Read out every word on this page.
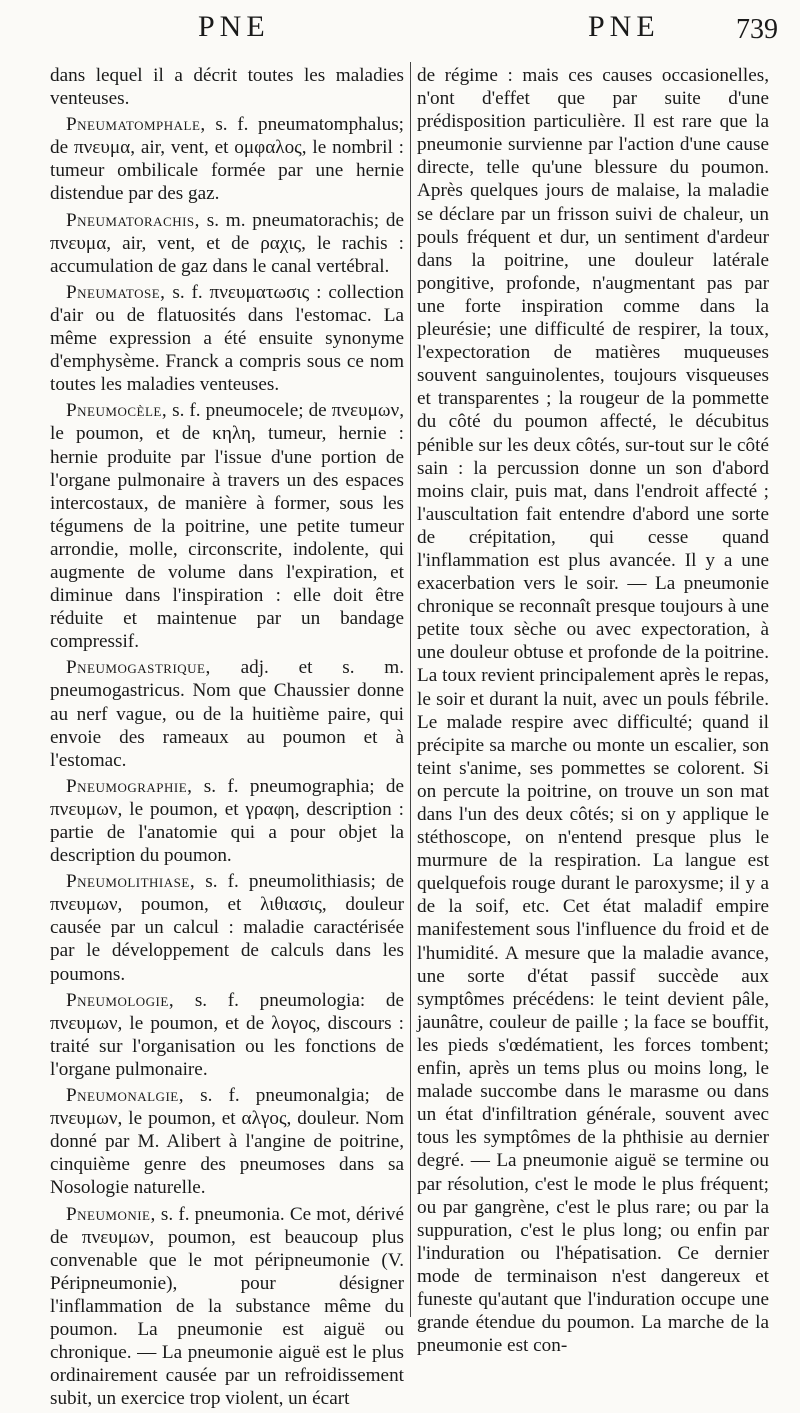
PNE	PNE	739

dans lequel il a décrit toutes les maladies venteuses.

Pneumatomphale, s. f. pneumatomphalus; de πνευμα, air, vent, et ομφαλος, le nombril : tumeur ombilicale formée par une hernie distendue par des gaz.

Pneumatorachis, s. m. pneumatorachis; de πνευμα, air, vent, et de ραχις, le rachis : accumulation de gaz dans le canal vertébral.

Pneumatose, s. f. πνευματωσις : collection d'air ou de flatuosités dans l'estomac. La même expression a été ensuite synonyme d'emphysème. Franck a compris sous ce nom toutes les maladies venteuses.

Pneumocèle, s. f. pneumocele; de πνευμων, le poumon, et de κηλη, tumeur, hernie : hernie produite par l'issue d'une portion de l'organe pulmonaire à travers un des espaces intercostaux, de manière à former, sous les tégumens de la poitrine, une petite tumeur arrondie, molle, circonscrite, indolente, qui augmente de volume dans l'expiration, et diminue dans l'inspiration : elle doit être réduite et maintenue par un bandage compressif.

Pneumogastrique, adj. et s. m. pneumogastricus. Nom que Chaussier donne au nerf vague, ou de la huitième paire, qui envoie des rameaux au poumon et à l'estomac.

Pneumographie, s. f. pneumographia; de πνευμων, le poumon, et γραφη, description : partie de l'anatomie qui a pour objet la description du poumon.

Pneumolithiase, s. f. pneumolithiasis; de πνευμων, poumon, et λιθιασις, douleur causée par un calcul : maladie caractérisée par le développement de calculs dans les poumons.

Pneumologie, s. f. pneumologia: de πνευμων, le poumon, et de λογος, discours : traité sur l'organisation ou les fonctions de l'organe pulmonaire.

Pneumonalgie, s. f. pneumonalgia; de πνευμων, le poumon, et αλγος, douleur. Nom donné par M. Alibert à l'angine de poitrine, cinquième genre des pneumoses dans sa Nosologie naturelle.

Pneumonie, s. f. pneumonia. Ce mot, dérivé de πνευμων, poumon, est beaucoup plus convenable que le mot péripneumonie (V. Péripneumonie), pour désigner l'inflammation de la substance même du poumon. La pneumonie est aiguë ou chronique. — La pneumonie aiguë est le plus ordinairement causée par un refroidissement subit, un exercice trop violent, un écart

de régime : mais ces causes occasionelles, n'ont d'effet que par suite d'une prédisposition particulière. Il est rare que la pneumonie survienne par l'action d'une cause directe, telle qu'une blessure du poumon. Après quelques jours de malaise, la maladie se déclare par un frisson suivi de chaleur, un pouls fréquent et dur, un sentiment d'ardeur dans la poitrine, une douleur latérale pongitive, profonde, n'augmentant pas par une forte inspiration comme dans la pleurésie; une difficulté de respirer, la toux, l'expectoration de matières muqueuses souvent sanguinolentes, toujours visqueuses et transparentes ; la rougeur de la pommette du côté du poumon affecté, le décubitus pénible sur les deux côtés, sur-tout sur le côté sain : la percussion donne un son d'abord moins clair, puis mat, dans l'endroit affecté ; l'auscultation fait entendre d'abord une sorte de crépitation, qui cesse quand l'inflammation est plus avancée. Il y a une exacerbation vers le soir. — La pneumonie chronique se reconnaît presque toujours à une petite toux sèche ou avec expectoration, à une douleur obtuse et profonde de la poitrine. La toux revient principalement après le repas, le soir et durant la nuit, avec un pouls fébrile. Le malade respire avec difficulté; quand il précipite sa marche ou monte un escalier, son teint s'anime, ses pommettes se colorent. Si on percute la poitrine, on trouve un son mat dans l'un des deux côtés; si on y applique le stéthoscope, on n'entend presque plus le murmure de la respiration. La langue est quelquefois rouge durant le paroxysme; il y a de la soif, etc. Cet état maladif empire manifestement sous l'influence du froid et de l'humidité. A mesure que la maladie avance, une sorte d'état passif succède aux symptômes précédens: le teint devient pâle, jaunâtre, couleur de paille ; la face se bouffit, les pieds s'œdématient, les forces tombent; enfin, après un tems plus ou moins long, le malade succombe dans le marasme ou dans un état d'infiltration générale, souvent avec tous les symptômes de la phthisie au dernier degré. — La pneumonie aiguë se termine ou par résolution, c'est le mode le plus fréquent; ou par gangrène, c'est le plus rare; ou par la suppuration, c'est le plus long; ou enfin par l'induration ou l'hépatisation. Ce dernier mode de terminaison n'est dangereux et funeste qu'autant que l'induration occupe une grande étendue du poumon. La marche de la pneumonie est con-
